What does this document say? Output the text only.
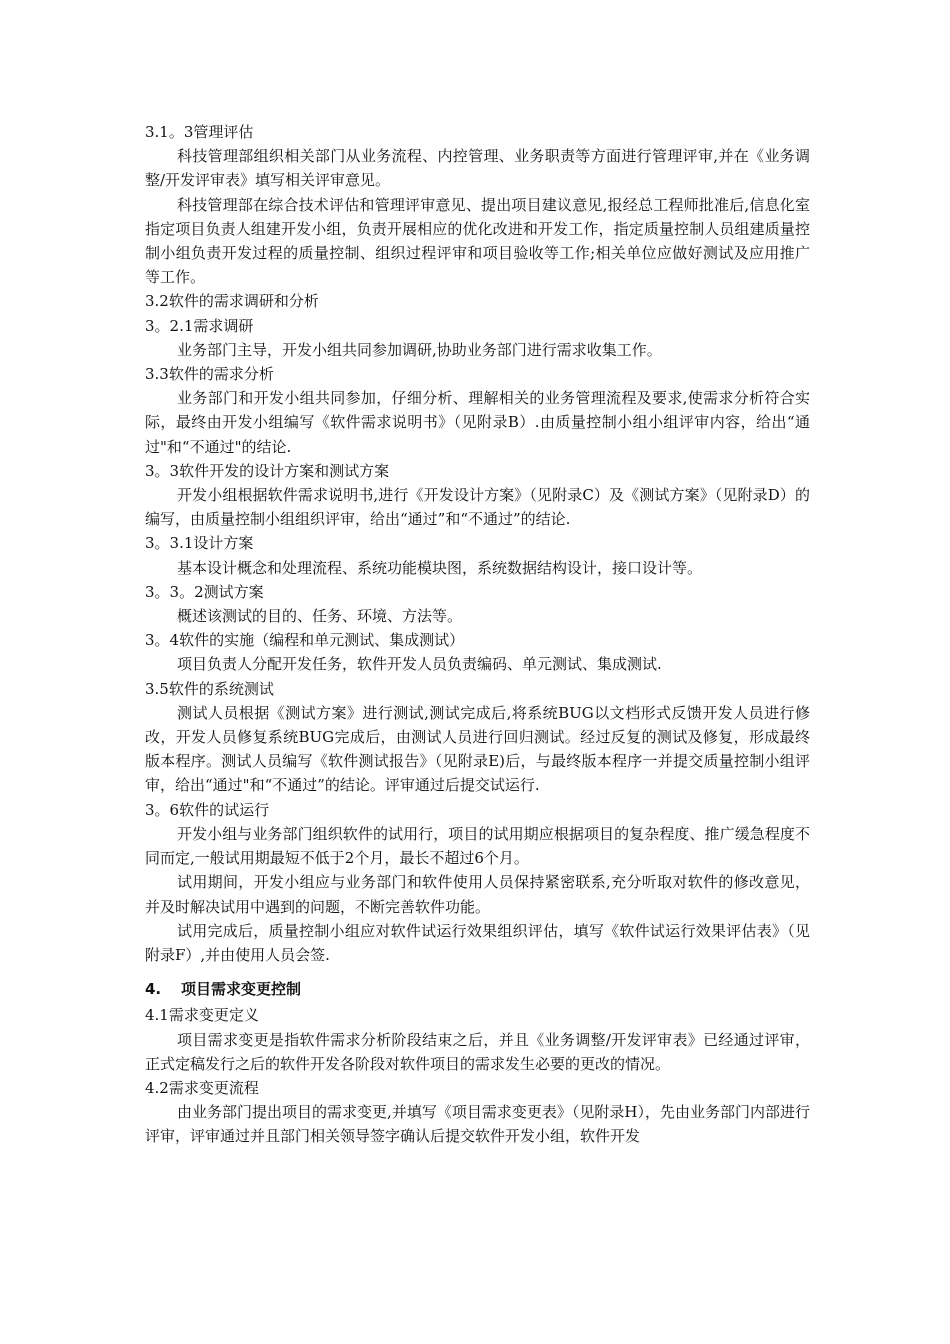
3.1。3管理评估
科技管理部组织相关部门从业务流程、内控管理、业务职责等方面进行管理评审,并在《业务调整/开发评审表》填写相关评审意见。
科技管理部在综合技术评估和管理评审意见、提出项目建议意见,报经总工程师批准后,信息化室指定项目负责人组建开发小组，负责开展相应的优化改进和开发工作，指定质量控制人员组建质量控制小组负责开发过程的质量控制、组织过程评审和项目验收等工作;相关单位应做好测试及应用推广等工作。
3.2软件的需求调研和分析
3。2.1需求调研
业务部门主导，开发小组共同参加调研,协助业务部门进行需求收集工作。
3.3软件的需求分析
业务部门和开发小组共同参加，仔细分析、理解相关的业务管理流程及要求,使需求分析符合实际，最终由开发小组编写《软件需求说明书》（见附录B）.由质量控制小组小组评审内容，给出“通过"和“不通过"的结论.
3。3软件开发的设计方案和测试方案
开发小组根据软件需求说明书,进行《开发设计方案》（见附录C）及《测试方案》（见附录D）的编写，由质量控制小组组织评审，给出“通过”和“不通过”的结论.
3。3.1设计方案
基本设计概念和处理流程、系统功能模块图，系统数据结构设计，接口设计等。
3。3。2测试方案
概述该测试的目的、任务、环境、方法等。
3。4软件的实施（编程和单元测试、集成测试）
项目负责人分配开发任务，软件开发人员负责编码、单元测试、集成测试.
3.5软件的系统测试
测试人员根据《测试方案》进行测试,测试完成后,将系统BUG以文档形式反馈开发人员进行修改，开发人员修复系统BUG完成后，由测试人员进行回归测试。经过反复的测试及修复，形成最终版本程序。测试人员编写《软件测试报告》（见附录E)后，与最终版本程序一并提交质量控制小组评审，给出“通过"和“不通过”的结论。评审通过后提交试运行.
3。6软件的试运行
开发小组与业务部门组织软件的试用行，项目的试用期应根据项目的复杂程度、推广缓急程度不同而定,一般试用期最短不低于2个月，最长不超过6个月。
试用期间，开发小组应与业务部门和软件使用人员保持紧密联系,充分听取对软件的修改意见，并及时解决试用中遇到的问题，不断完善软件功能。
试用完成后，质量控制小组应对软件试运行效果组织评估，填写《软件试运行效果评估表》（见附录F）,并由使用人员会签.
4. 项目需求变更控制
4.1需求变更定义
项目需求变更是指软件需求分析阶段结束之后，并且《业务调整/开发评审表》已经通过评审，正式定稿发行之后的软件开发各阶段对软件项目的需求发生必要的更改的情况。
4.2需求变更流程
由业务部门提出项目的需求变更,并填写《项目需求变更表》（见附录H），先由业务部门内部进行评审，评审通过并且部门相关领导签字确认后提交软件开发小组，软件开发
